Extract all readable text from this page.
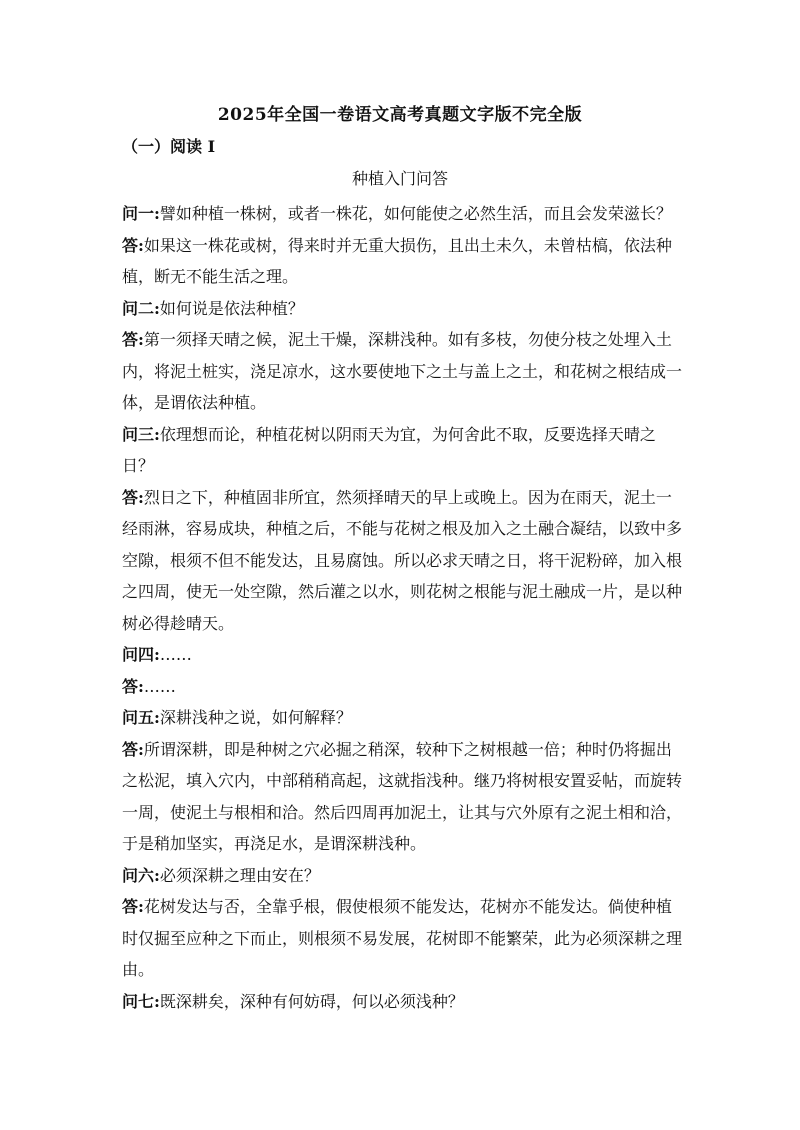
2025年全国一卷语文高考真题文字版不完全版
（一）阅读 I
种植入门问答

问一:譬如种植一株树，或者一株花，如何能使之必然生活，而且会发荣滋长？

答:如果这一株花或树，得来时并无重大损伤，且出土未久，未曾枯槁，依法种植，断无不能生活之理。

问二:如何说是依法种植？

答:第一须择天晴之候，泥土干燥，深耕浅种。如有多枝，勿使分枝之处埋入土内，将泥土桩实，浇足凉水，这水要使地下之土与盖上之土，和花树之根结成一体，是谓依法种植。

问三:依理想而论，种植花树以阴雨天为宜，为何舍此不取，反要选择天晴之日？

答:烈日之下，种植固非所宜，然须择晴天的早上或晚上。因为在雨天，泥土一经雨淋，容易成块，种植之后，不能与花树之根及加入之土融合凝结，以致中多空隙，根须不但不能发达，且易腐蚀。所以必求天晴之日，将干泥粉碎，加入根之四周，使无一处空隙，然后灌之以水，则花树之根能与泥土融成一片，是以种树必得趁晴天。

问四:……

答:……

问五:深耕浅种之说，如何解释？

答:所谓深耕，即是种树之穴必掘之稍深，较种下之树根越一倍；种时仍将掘出之松泥，填入穴内，中部稍稍高起，这就指浅种。继乃将树根安置妥帖，而旋转一周，使泥土与根相和洽。然后四周再加泥土，让其与穴外原有之泥土相和洽，于是稍加坚实，再浇足水，是谓深耕浅种。

问六:必须深耕之理由安在？

答:花树发达与否，全靠乎根，假使根须不能发达，花树亦不能发达。倘使种植时仅掘至应种之下而止，则根须不易发展，花树即不能繁荣，此为必须深耕之理由。

问七:既深耕矣，深种有何妨碍，何以必须浅种？
